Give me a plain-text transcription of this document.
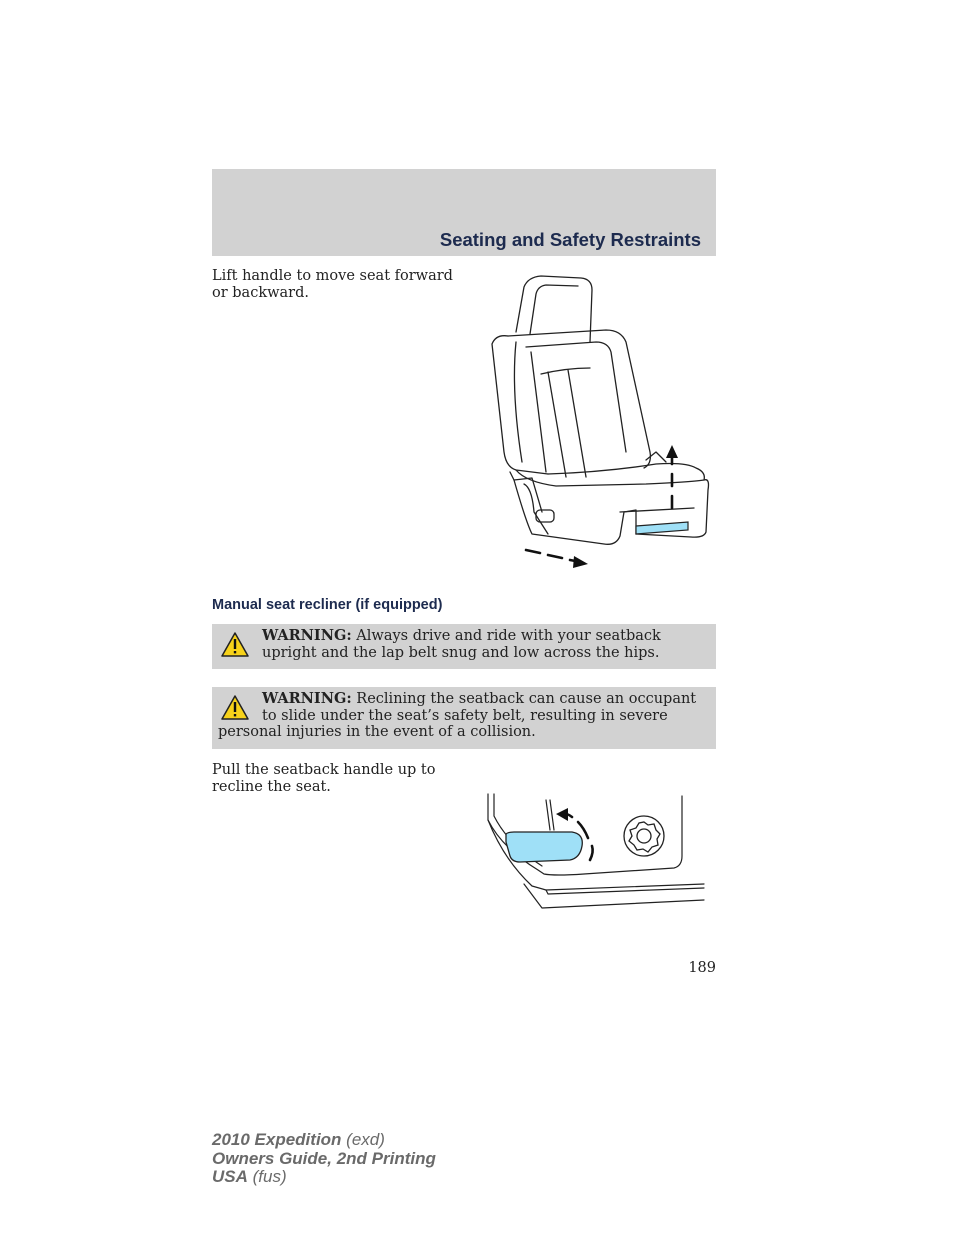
Seating and Safety Restraints
Lift handle to move seat forward or backward.
Manual seat recliner (if equipped)
WARNING: Always drive and ride with your seatback upright and the lap belt snug and low across the hips.
WARNING: Reclining the seatback can cause an occupant to slide under the seat’s safety belt, resulting in severe personal injuries in the event of a collision.
Pull the seatback handle up to recline the seat.
189
2010 Expedition (exd)
Owners Guide, 2nd Printing
USA (fus)
